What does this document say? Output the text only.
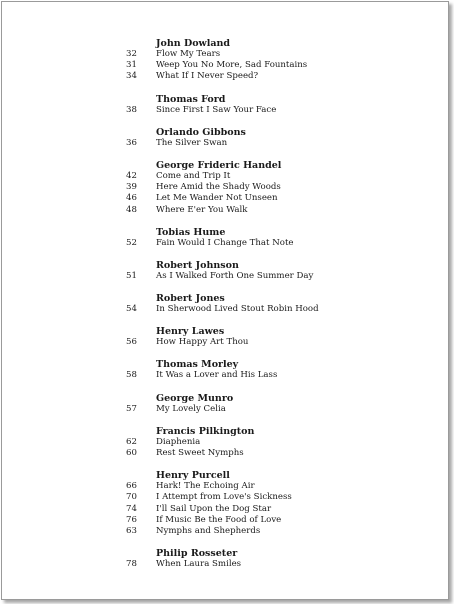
John Dowland
32	Flow My Tears
31	Weep You No More, Sad Fountains
34	What If I Never Speed?
Thomas Ford
38	Since First I Saw Your Face
Orlando Gibbons
36	The Silver Swan
George Frideric Handel
42	Come and Trip It
39	Here Amid the Shady Woods
46	Let Me Wander Not Unseen
48	Where E'er You Walk
Tobias Hume
52	Fain Would I Change That Note
Robert Johnson
51	As I Walked Forth One Summer Day
Robert Jones
54	In Sherwood Lived Stout Robin Hood
Henry Lawes
56	How Happy Art Thou
Thomas Morley
58	It Was a Lover and His Lass
George Munro
57	My Lovely Celia
Francis Pilkington
62	Diaphenia
60	Rest Sweet Nymphs
Henry Purcell
66	Hark! The Echoing Air
70	I Attempt from Love's Sickness
74	I'll Sail Upon the Dog Star
76	If Music Be the Food of Love
63	Nymphs and Shepherds
Philip Rosseter
78	When Laura Smiles
